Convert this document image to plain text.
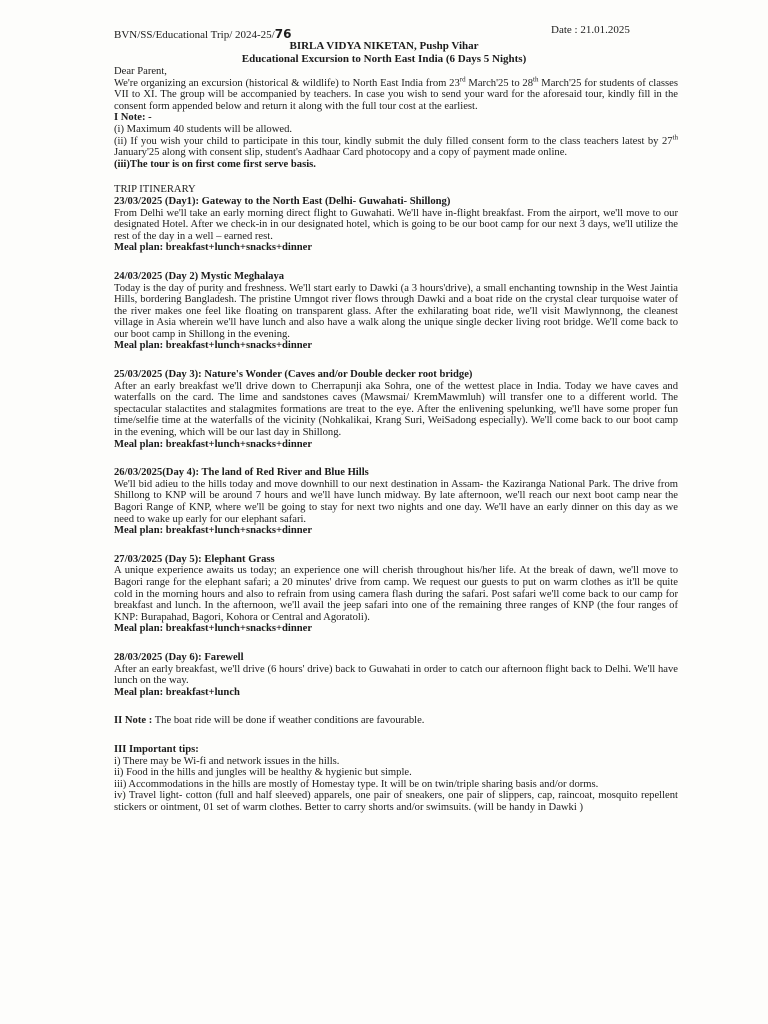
BVN/SS/Educational Trip/ 2024-25/76	Date : 21.01.2025
BIRLA VIDYA NIKETAN, Pushp Vihar
Educational Excursion to North East India (6 Days 5 Nights)

Dear Parent,

We're organizing an excursion (historical & wildlife) to North East India from 23rd March'25 to 28th March'25 for students of classes VII to XI. The group will be accompanied by teachers. In case you wish to send your ward for the aforesaid tour, kindly fill in the consent form appended below and return it along with the full tour cost at the earliest.

I Note: -

(i) Maximum 40 students will be allowed.

(ii) If you wish your child to participate in this tour, kindly submit the duly filled consent form to the class teachers latest by 27th January'25 along with consent slip, student's Aadhaar Card photocopy and a copy of payment made online.

(iii)The tour is on first come first serve basis.

TRIP ITINERARY

23/03/2025 (Day1): Gateway to the North East (Delhi- Guwahati- Shillong)

From Delhi we'll take an early morning direct flight to Guwahati. We'll have in-flight breakfast. From the airport, we'll move to our designated Hotel. After we check-in in our designated hotel, which is going to be our boot camp for our next 3 days, we'll utilize the rest of the day in a well – earned rest.

Meal plan: breakfast+lunch+snacks+dinner

24/03/2025 (Day 2) Mystic Meghalaya

Today is the day of purity and freshness. We'll start early to Dawki (a 3 hours'drive), a small enchanting township in the West Jaintia Hills, bordering Bangladesh. The pristine Umngot river flows through Dawki and a boat ride on the crystal clear turquoise water of the river makes one feel like floating on transparent glass. After the exhilarating boat ride, we'll visit Mawlynnong, the cleanest village in Asia wherein we'll have lunch and also have a walk along the unique single decker living root bridge. We'll come back to our boot camp in Shillong in the evening.

Meal plan: breakfast+lunch+snacks+dinner

25/03/2025 (Day 3): Nature's Wonder (Caves and/or Double decker root bridge)

After an early breakfast we'll drive down to Cherrapunji aka Sohra, one of the wettest place in India. Today we have caves and waterfalls on the card. The lime and sandstones caves (Mawsmai/ KremMawmluh) will transfer one to a different world. The spectacular stalactites and stalagmites formations are treat to the eye. After the enlivening spelunking, we'll have some proper fun time/selfie time at the waterfalls of the vicinity (Nohkalikai, Krang Suri, WeiSadong especially). We'll come back to our boot camp in the evening, which will be our last day in Shillong.

Meal plan: breakfast+lunch+snacks+dinner

26/03/2025(Day 4): The land of Red River and Blue Hills

We'll bid adieu to the hills today and move downhill to our next destination in Assam- the Kaziranga National Park. The drive from Shillong to KNP will be around 7 hours and we'll have lunch midway. By late afternoon, we'll reach our next boot camp near the Bagori Range of KNP, where we'll be going to stay for next two nights and one day. We'll have an early dinner on this day as we need to wake up early for our elephant safari.

Meal plan: breakfast+lunch+snacks+dinner

27/03/2025 (Day 5): Elephant Grass

A unique experience awaits us today; an experience one will cherish throughout his/her life. At the break of dawn, we'll move to Bagori range for the elephant safari; a 20 minutes' drive from camp. We request our guests to put on warm clothes as it'll be quite cold in the morning hours and also to refrain from using camera flash during the safari. Post safari we'll come back to our camp for breakfast and lunch. In the afternoon, we'll avail the jeep safari into one of the remaining three ranges of KNP (the four ranges of KNP: Burapahad, Bagori, Kohora or Central and Agoratoli).

Meal plan: breakfast+lunch+snacks+dinner

28/03/2025 (Day 6): Farewell

After an early breakfast, we'll drive (6 hours' drive) back to Guwahati in order to catch our afternoon flight back to Delhi. We'll have lunch on the way.

Meal plan: breakfast+lunch

II Note : The boat ride will be done if weather conditions are favourable.

III Important tips:

i) There may be Wi-fi and network issues in the hills.

ii) Food in the hills and jungles will be healthy & hygienic but simple.

iii) Accommodations in the hills are mostly of Homestay type. It will be on twin/triple sharing basis and/or dorms.

iv) Travel light- cotton (full and half sleeved) apparels, one pair of sneakers, one pair of slippers, cap, raincoat, mosquito repellent stickers or ointment, 01 set of warm clothes. Better to carry shorts and/or swimsuits. (will be handy in Dawki )
